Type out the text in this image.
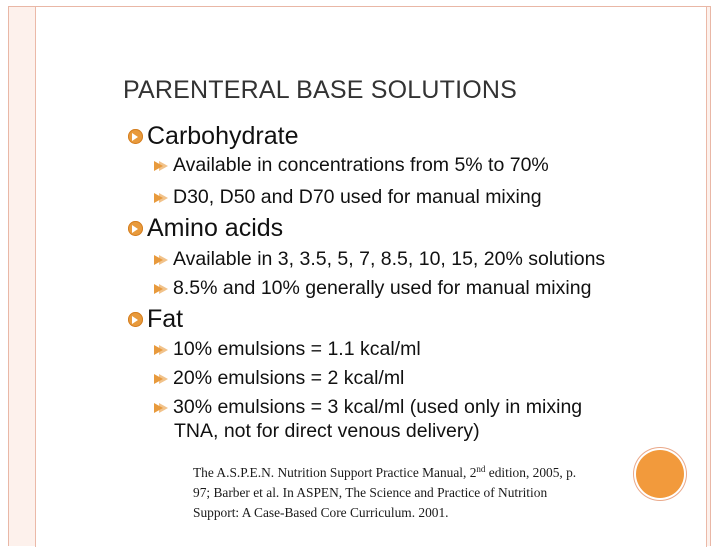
PARENTERAL BASE SOLUTIONS
Carbohydrate
Available in concentrations from 5% to 70%
D30, D50 and D70 used for manual mixing
Amino acids
Available in 3, 3.5, 5, 7, 8.5, 10, 15, 20% solutions
8.5% and 10% generally used for manual mixing
Fat
10% emulsions = 1.1 kcal/ml
20% emulsions = 2 kcal/ml
30% emulsions = 3 kcal/ml (used only in mixing
TNA, not for direct venous delivery)
The A.S.P.E.N. Nutrition Support Practice Manual, 2nd edition, 2005, p.
97; Barber et al. In ASPEN, The Science and Practice of Nutrition
Support: A Case-Based Core Curriculum. 2001.
